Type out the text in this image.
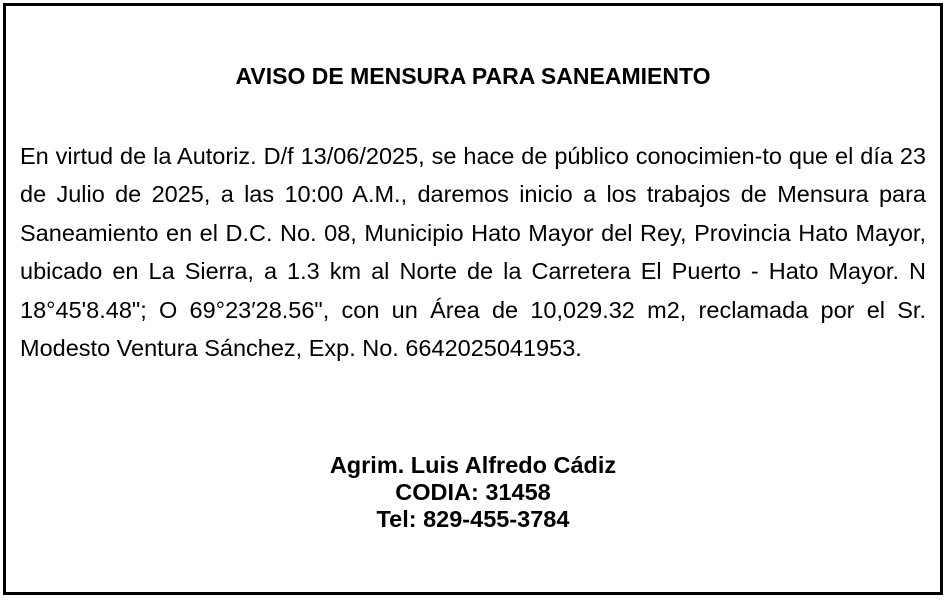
AVISO DE MENSURA PARA SANEAMIENTO

En virtud de la Autoriz. D/f 13/06/2025, se hace de público conocimien-to que el día 23 de Julio de 2025, a las 10:00 A.M., daremos inicio a los trabajos de Mensura para Saneamiento en el D.C. No. 08, Municipio Hato Mayor del Rey, Provincia Hato Mayor, ubicado en La Sierra, a 1.3 km al Norte de la Carretera El Puerto - Hato Mayor. N 18°45'8.48"; O 69°23′28.56", con un Área de 10,029.32 m2, reclamada por el Sr. Modesto Ventura Sánchez, Exp. No. 6642025041953.

Agrim. Luis Alfredo Cádiz
CODIA: 31458
Tel: 829-455-3784
